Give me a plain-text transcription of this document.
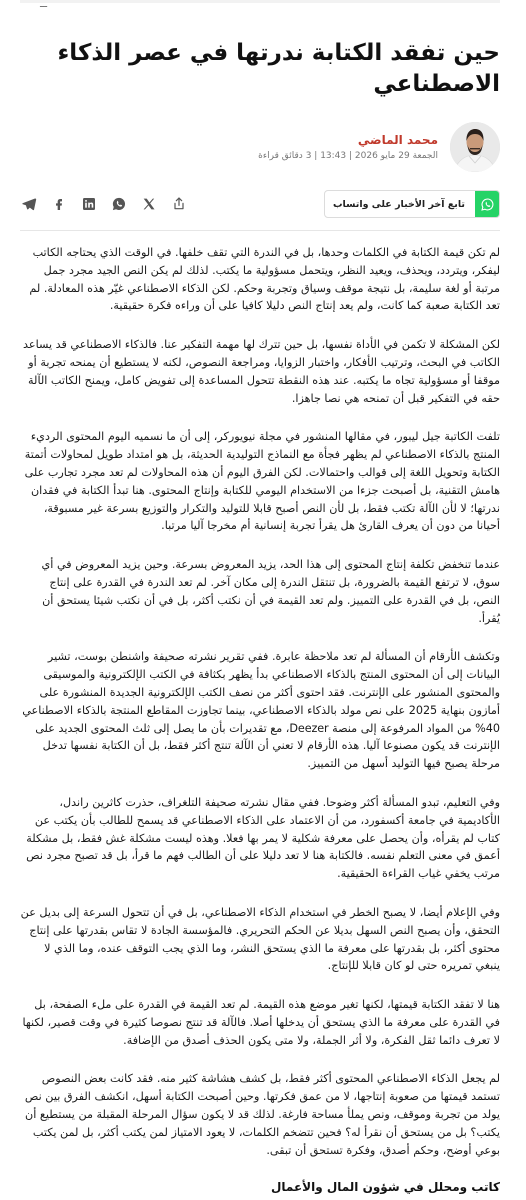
ـــ
حين تفقد الكتابة ندرتها في عصر الذكاء الاصطناعي
محمد الماضي
الجمعة 29 مايو 2026 | 13:43 | 3 دقائق قراءة
تابع آخر الأخبار على واتساب

لم تكن قيمة الكتابة في الكلمات وحدها، بل في الندرة التي تقف خلفها. في الوقت الذي يحتاجه الكاتب ليفكر، ويتردد، ويحذف، ويعيد النظر، ويتحمل مسؤولية ما يكتب. لذلك لم يكن النص الجيد مجرد جمل مرتبة أو لغة سليمة، بل نتيجة موقف وسياق وتجربة وحكم. لكن الذكاء الاصطناعي غيّر هذه المعادلة. لم تعد الكتابة صعبة كما كانت، ولم يعد إنتاج النص دليلا كافيا على أن وراءه فكرة حقيقية.

لكن المشكلة لا تكمن في الأداة نفسها، بل حين تترك لها مهمة التفكير عنا. فالذكاء الاصطناعي قد يساعد الكاتب في البحث، وترتيب الأفكار، واختبار الزوايا، ومراجعة النصوص، لكنه لا يستطيع أن يمنحه تجربة أو موقفا أو مسؤولية تجاه ما يكتبه. عند هذه النقطة تتحول المساعدة إلى تفويض كامل، ويمنح الكاتب الآلة حقه في التفكير قبل أن تمنحه هي نصا جاهزا.

تلفت الكاتبة جيل ليبور، في مقالها المنشور في مجلة نيويوركر، إلى أن ما نسميه اليوم المحتوى الرديء المنتج بالذكاء الاصطناعي لم يظهر فجأة مع النماذج التوليدية الحديثة، بل هو امتداد طويل لمحاولات أتمتة الكتابة وتحويل اللغة إلى قوالب واحتمالات. لكن الفرق اليوم أن هذه المحاولات لم تعد مجرد تجارب على هامش التقنية، بل أصبحت جزءا من الاستخدام اليومي للكتابة وإنتاج المحتوى. هنا تبدأ الكتابة في فقدان ندرتها؛ لا لأن الآلة تكتب فقط، بل لأن النص أصبح قابلا للتوليد والتكرار والتوزيع بسرعة غير مسبوقة، أحيانا من دون أن يعرف القارئ هل يقرأ تجربة إنسانية أم مخرجا آليا مرتبا.

عندما تنخفض تكلفة إنتاج المحتوى إلى هذا الحد، يزيد المعروض بسرعة. وحين يزيد المعروض في أي سوق، لا ترتفع القيمة بالضرورة، بل تنتقل الندرة إلى مكان آخر. لم تعد الندرة في القدرة على إنتاج النص، بل في القدرة على التمييز. ولم تعد القيمة في أن نكتب أكثر، بل في أن نكتب شيئا يستحق أن يُقرأ.

وتكشف الأرقام أن المسألة لم تعد ملاحظة عابرة. ففي تقرير نشرته صحيفة واشنطن بوست، تشير البيانات إلى أن المحتوى المنتج بالذكاء الاصطناعي بدأ يظهر بكثافة في الكتب الإلكترونية والموسيقى والمحتوى المنشور على الإنترنت. فقد احتوى أكثر من نصف الكتب الإلكترونية الجديدة المنشورة على أمازون بنهاية 2025 على نص مولد بالذكاء الاصطناعي، بينما تجاوزت المقاطع المنتجة بالذكاء الاصطناعي 40% من المواد المرفوعة إلى منصة Deezer، مع تقديرات بأن ما يصل إلى ثلث المحتوى الجديد على الإنترنت قد يكون مصنوعا آليا. هذه الأرقام لا تعني أن الآلة تنتج أكثر فقط، بل أن الكتابة نفسها تدخل مرحلة يصبح فيها التوليد أسهل من التمييز.

وفي التعليم، تبدو المسألة أكثر وضوحا. ففي مقال نشرته صحيفة التلغراف، حذرت كاثرين راندل، الأكاديمية في جامعة أكسفورد، من أن الاعتماد على الذكاء الاصطناعي قد يسمح للطالب بأن يكتب عن كتاب لم يقرأه، وأن يحصل على معرفة شكلية لا يمر بها فعلا. وهذه ليست مشكلة غش فقط، بل مشكلة أعمق في معنى التعلم نفسه. فالكتابة هنا لا تعد دليلا على أن الطالب فهم ما قرأ، بل قد تصبح مجرد نص مرتب يخفي غياب القراءة الحقيقية.

وفي الإعلام أيضا، لا يصبح الخطر في استخدام الذكاء الاصطناعي، بل في أن تتحول السرعة إلى بديل عن التحقق، وأن يصبح النص السهل بديلا عن الحكم التحريري. فالمؤسسة الجادة لا تقاس بقدرتها على إنتاج محتوى أكثر، بل بقدرتها على معرفة ما الذي يستحق النشر، وما الذي يجب التوقف عنده، وما الذي لا ينبغي تمريره حتى لو كان قابلا للإنتاج.

هنا لا تفقد الكتابة قيمتها، لكنها تغير موضع هذه القيمة. لم تعد القيمة في القدرة على ملء الصفحة، بل في القدرة على معرفة ما الذي يستحق أن يدخلها أصلا. فالآلة قد تنتج نصوصا كثيرة في وقت قصير، لكنها لا تعرف دائما ثقل الفكرة، ولا أثر الجملة، ولا متى يكون الحذف أصدق من الإضافة.

لم يجعل الذكاء الاصطناعي المحتوى أكثر فقط، بل كشف هشاشة كثير منه. فقد كانت بعض النصوص تستمد قيمتها من صعوبة إنتاجها، لا من عمق فكرتها. وحين أصبحت الكتابة أسهل، انكشف الفرق بين نص يولد من تجربة وموقف، ونص يملأ مساحة فارغة. لذلك قد لا يكون سؤال المرحلة المقبلة من يستطيع أن يكتب؟ بل من يستحق أن نقرأ له؟ فحين تتضخم الكلمات، لا يعود الامتياز لمن يكتب أكثر، بل لمن يكتب بوعي أوضح، وحكم أصدق، وفكرة تستحق أن تبقى.

كاتب ومحلل في شؤون المال والأعمال
